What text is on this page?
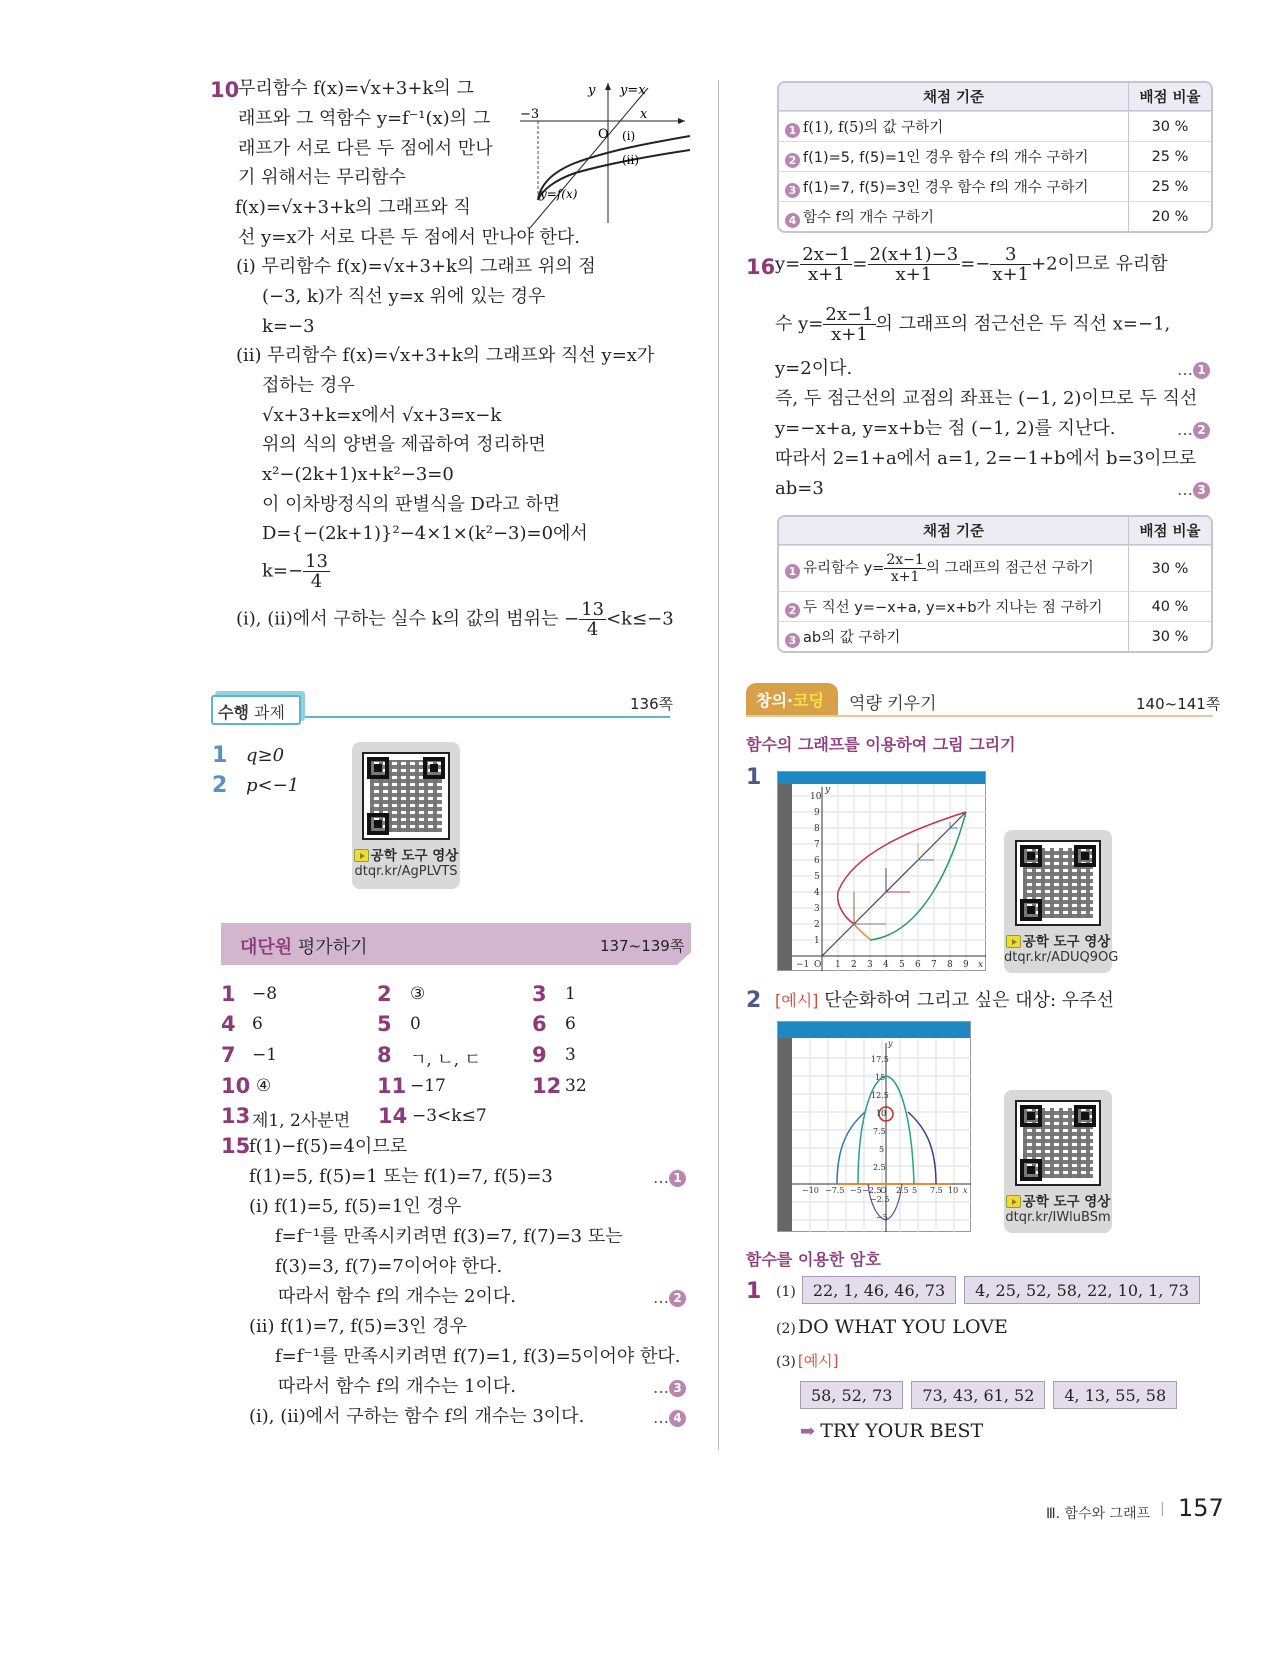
10
무리함수 f(x)=√x+3+k의 그
래프와 그 역함수 y=f⁻¹(x)의 그
래프가 서로 다른 두 점에서 만나
기 위해서는 무리함수
f(x)=√x+3+k의 그래프와 직
선 y=x가 서로 다른 두 점에서 만나야 한다.
(i) 무리함수 f(x)=√x+3+k의 그래프 위의 점
(−3, k)가 직선 y=x 위에 있는 경우
k=−3
(ii) 무리함수 f(x)=√x+3+k의 그래프와 직선 y=x가
접하는 경우
√x+3+k=x에서 √x+3=x−k
위의 식의 양변을 제곱하여 정리하면
x²−(2k+1)x+k²−3=0
이 이차방정식의 판별식을 D라고 하면
D={−(2k+1)}²−4×1×(k²−3)=0에서
$k=- \frac{13}{4}$
(i), (ii)에서 구하는 실수 k의 값의 범위는 − $\frac{13}{4} <k\le-3$
y y=x
x
−3
O (i)
(ii)
y=f(x)
수행 과제	136쪽
1 q≥0
2 p<−1
공학 도구 영상
dtqr.kr/AgPLVTS
대단원 평가하기	137~139쪽
1 −8	2 ③	3 1
4 6	5 0	6 6
7 −1	8 ㄱ, ㄴ, ㄷ 9 3
10 ④	11 −17	12 32
13 제1, 2사분면 14 −3<k≤7
15
f(1)−f(5)=4이므로
f(1)=5, f(5)=1 또는 f(1)=7, f(5)=3
(i) f(1)=5, f(5)=1인 경우
f=f⁻¹를 만족시키려면 f(3)=7, f(7)=3 또는
f(3)=3, f(7)=7이어야 한다.
따라서 함수 f의 개수는 2이다.
(ii) f(1)=7, f(5)=3인 경우
f=f⁻¹를 만족시키려면 f(7)=1, f(3)=5이어야 한다.
따라서 함수 f의 개수는 1이다.
(i), (ii)에서 구하는 함수 f의 개수는 3이다.
… 1
… 2
… 3
… 4
채점 기준	배점 비율
1 f(1), f(5)의 값 구하기	30 %
2 f(1)=5, f(5)=1인 경우 함수 f의 개수 구하기	25 %
3 f(1)=7, f(5)=3인 경우 함수 f의 개수 구하기	25 %
4 함수 f의 개수 구하기	20 %
16 $y= \frac{2x-1}{x+1} = \frac{2(x+1)-3}{x+1} =- \frac{3}{x+1} +2$이므로 유리함
수 $y= \frac{2x-1}{x+1}$ 의 그래프의 점근선은 두 직선 x=−1,
y=2이다.
즉, 두 점근선의 교점의 좌표는 (−1, 2)이므로 두 직선
y=−x+a, y=x+b는 점 (−1, 2)를 지난다.
따라서 2=1+a에서 a=1, 2=−1+b에서 b=3이므로
ab=3
… 1
… 2
… 3
채점 기준	배점 비율
1 유리함수 $y= \frac{2x-1}{x+1}$ 의 그래프의 점근선 구하기	30 %
2 두 직선 y=−x+a, y=x+b가 지나는 점 구하기	40 %
3 ab의 값 구하기	30 %
창의·코딩	역량 키우기	140~141쪽
함수의 그래프를 이용하여 그림 그리기
1
10
9
8
7
6
5
4
3
2
1
−1 O 1 2 3 4 5 6 7 8 9 x
y
공학 도구 영상
dtqr.kr/ADUQ9OG
2 [예시] 단순화하여 그리고 싶은 대상: 우주선
17.5
15
12.5
10
7.5
5
2.5
−2.5
−5
−10 −7.5 −5 −2.5
O 2.5 5 7.5 10 x
y
공학 도구 영상
dtqr.kr/IWluBSm
함수를 이용한 암호
1 (1) 22, 1, 46, 46, 73 4, 25, 52, 58, 22, 10, 1, 73
(2) DO WHAT YOU LOVE
(3) [예시]
58, 52, 73 73, 43, 61, 52 4, 13, 55, 58
➡ TRY YOUR BEST
Ⅲ. 함수와 그래프 | 157
